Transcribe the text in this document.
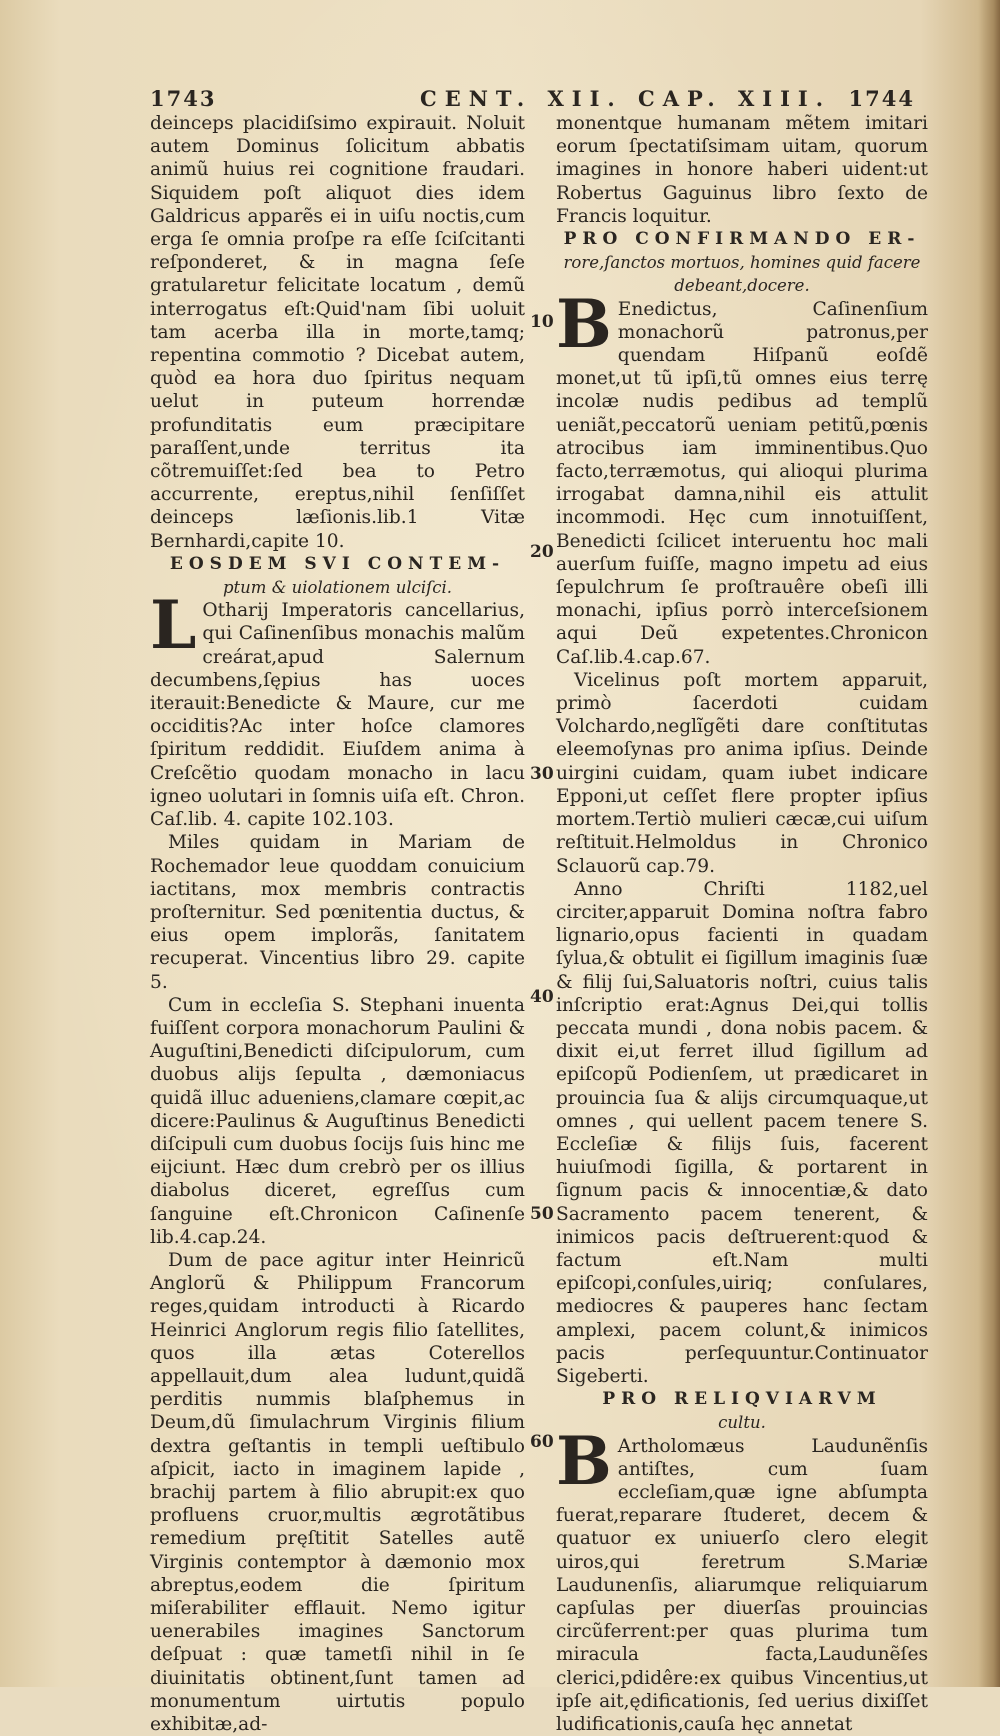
1743	CENT. XII. CAP. XIII. 1744

deinceps placidiſsimo expirauit. Noluit autem Dominus ſolicitum abbatis animũ huius rei cognitione fraudari. Siquidem poſt aliquot dies idem Galdricus apparẽs ei in uiſu noctis,cum erga ſe omnia proſpe ra eſſe ſciſcitanti reſponderet, & in magna ſeſe gratularetur felicitate locatum , demũ interrogatus eſt:Quid'nam ſibi uoluit tam acerba illa in morte,tamq; repentina commotio ? Dicebat autem, quòd ea hora duo ſpiritus nequam uelut in puteum horrendæ profunditatis eum præcipitare paraſſent,unde territus ita cõtremuiſſet:ſed bea to Petro accurrente, ereptus,nihil ſenſiſſet deinceps læſionis.lib.1 Vitæ Bernhardi,capite 10.

EOSDEM SVI CONTEM-

ptum & uiolationem ulciſci.

L Otharij Imperatoris cancellarius, qui Caſinenſibus monachis malũm creárat,apud Salernum decumbens,ſępius has uoces iterauit:Benedicte & Maure, cur me occiditis?Ac inter hoſce clamores ſpiritum reddidit. Eiuſdem anima à Creſcẽtio quodam monacho in lacu igneo uolutari in ſomnis uiſa eſt. Chron. Caſ.lib. 4. capite 102.103.

Miles quidam in Mariam de Rochemador leue quoddam conuicium iactitans, mox membris contractis proſternitur. Sed pœnitentia ductus, & eius opem implorãs, ſanitatem recuperat. Vincentius libro 29. capite 5.

Cum in eccleſia S. Stephani inuenta fuiſſent corpora monachorum Paulini & Auguſtini,Benedicti diſcipulorum, cum duobus alijs ſepulta , dæmoniacus quidã illuc adueniens,clamare cœpit,ac dicere:Paulinus & Auguſtinus Benedicti diſcipuli cum duobus ſocijs ſuis hinc me eijciunt. Hæc dum crebrò per os illius diabolus diceret, egreſſus cum ſanguine eſt.Chronicon Caſinenſe lib.4.cap.24.

Dum de pace agitur inter Heinricũ Anglorũ & Philippum Francorum reges,quidam introducti à Ricardo Heinrici Anglorum regis filio ſatellites, quos illa ætas Coterellos appellauit,dum alea ludunt,quidã perditis nummis blaſphemus in Deum,dũ ſimulachrum Virginis filium dextra geſtantis in templi ueſtibulo aſpicit, iacto in imaginem lapide , brachij partem à filio abrupit:ex quo profluens cruor,multis ægrotãtibus remedium pręſtitit Satelles autẽ Virginis contemptor à dæmonio mox abreptus,eodem die ſpiritum miſerabiliter efflauit. Nemo igitur uenerabiles imagines Sanctorum deſpuat : quæ tametſi nihil in ſe diuinitatis obtinent,ſunt tamen ad monumentum uirtutis populo exhibitæ,ad-

monentque humanam mẽtem imitari eorum ſpectatiſsimam uitam, quorum imagines in honore haberi uident:ut Robertus Gaguinus libro ſexto de Francis loquitur.

PRO CONFIRMANDO ER-

rore,ſanctos mortuos, homines quid facere debeant,docere.

B Enedictus, Caſinenſium monachorũ patronus,per quendam Hiſpanũ eoſdẽ monet,ut tũ ipſi,tũ omnes eius terrę incolæ nudis pedibus ad templũ ueniãt,peccatorũ ueniam petitũ,pœnis atrocibus iam imminentibus.Quo facto,terræmotus, qui alioqui plurima irrogabat damna,nihil eis attulit incommodi. Hęc cum innotuiſſent, Benedicti ſcilicet interuentu hoc mali auerſum fuiſſe, magno impetu ad eius ſepulchrum ſe proſtrauêre obeſi illi monachi, ipſius porrò interceſsionem aqui Deũ expetentes.Chronicon Caſ.lib.4.cap.67.

Vicelinus poſt mortem apparuit, primò ſacerdoti cuidam Volchardo,neglĩgẽti dare conſtitutas eleemoſynas pro anima ipſius. Deinde uirgini cuidam, quam iubet indicare Epponi,ut ceſſet flere propter ipſius mortem.Tertiò mulieri cæcæ,cui uiſum reſtituit.Helmoldus in Chronico Sclauorũ cap.79.

Anno Chriſti 1182,uel circiter,apparuit Domina noſtra fabro lignario,opus facienti in quadam ſylua,& obtulit ei ſigillum imaginis ſuæ & filij ſui,Saluatoris noſtri, cuius talis inſcriptio erat:Agnus Dei,qui tollis peccata mundi , dona nobis pacem. & dixit ei,ut ferret illud ſigillum ad epiſcopũ Podienſem, ut prædicaret in prouincia ſua & alijs circumquaque,ut omnes , qui uellent pacem tenere S. Eccleſiæ & filijs ſuis, facerent huiuſmodi ſigilla, & portarent in ſignum pacis & innocentiæ,& dato Sacramento pacem tenerent, & inimicos pacis deſtruerent:quod & factum eſt.Nam multi epiſcopi,conſules,uiriq; conſulares, mediocres & pauperes hanc ſectam amplexi, pacem colunt,& inimicos pacis perſequuntur.Continuator Sigeberti.

PRO RELIQVIARVM

cultu.

B Artholomæus Laudunẽnſis antiſtes, cum ſuam eccleſiam,quæ igne abſumpta fuerat,reparare ſtuderet, decem & quatuor ex uniuerſo clero elegit uiros,qui feretrum S.Mariæ Laudunenſis, aliarumque reliquiarum capſulas per diuerſas prouincias circũferrent:per quas plurima tum miracula facta,Laudunẽſes clerici,pdidêre:ex quibus Vincentius,ut ipſe ait,ędificationis, ſed uerius dixiſſet ludificationis,cauſa hęc annetat

10
20
30
40
50
60
